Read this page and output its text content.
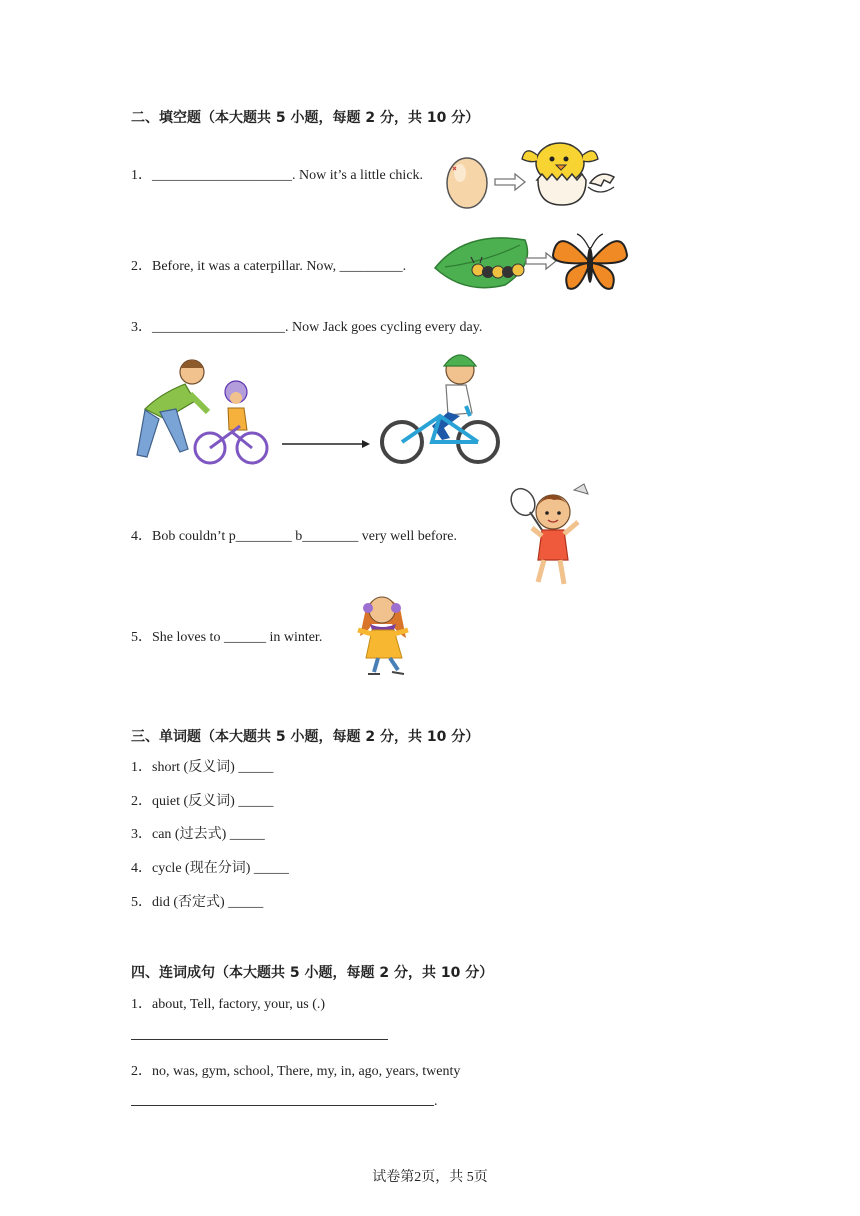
二、填空题（本大题共 5 小题，每题 2 分，共 10 分）
1．____________________. Now it’s a little chick.
2．Before, it was a caterpillar. Now, _________.
3．___________________. Now Jack goes cycling every day.
4．Bob couldn’t p________ b________ very well before.
5．She loves to ______ in winter.
三、单词题（本大题共 5 小题，每题 2 分，共 10 分）
1．short (反义词) _____
2．quiet (反义词) _____
3．can (过去式) _____
4．cycle (现在分词) _____
5．did (否定式) _____
四、连词成句（本大题共 5 小题，每题 2 分，共 10 分）
1．about, Tell, factory, your, us (.)
2．no, was, gym, school, There, my, in, ago, years, twenty
.
试卷第2页，共 5页
